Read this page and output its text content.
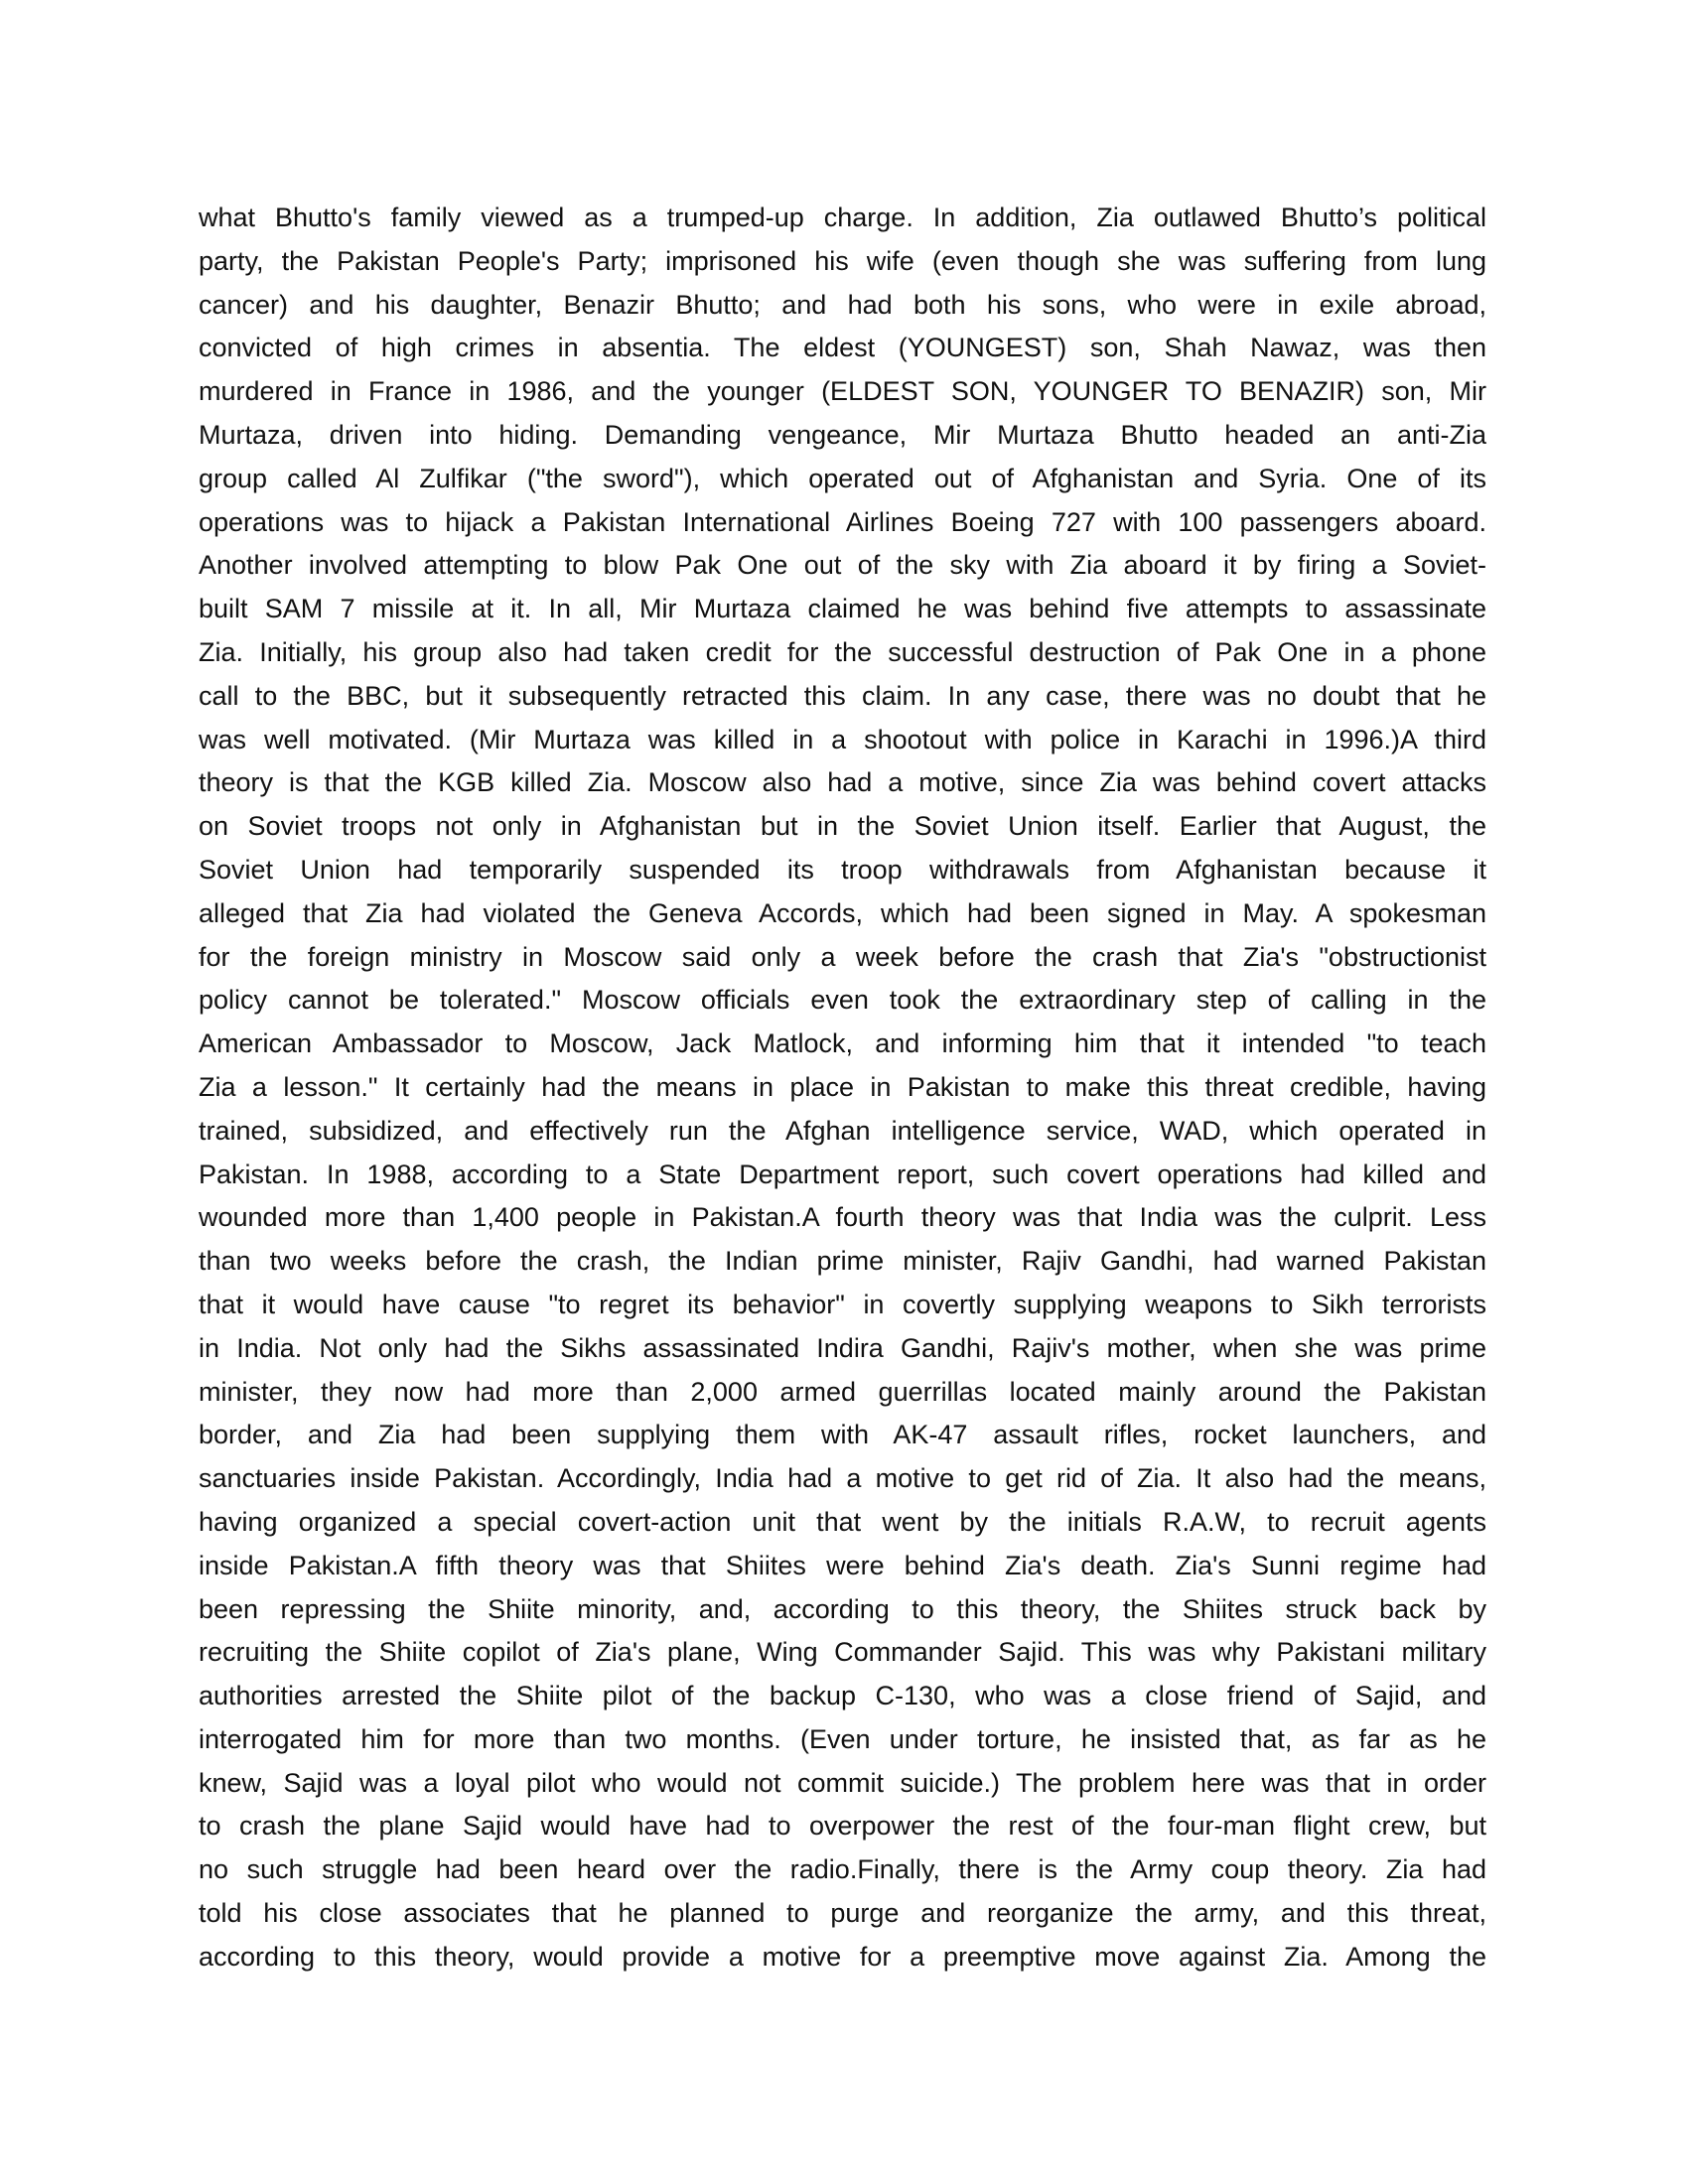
what Bhutto's family viewed as a trumped-up charge. In addition, Zia outlawed Bhutto’s political
party, the Pakistan People's Party; imprisoned his wife (even though she was suffering from lung
cancer) and his daughter, Benazir Bhutto; and had both his sons, who were in exile abroad,
convicted of high crimes in absentia. The eldest (YOUNGEST) son, Shah Nawaz, was then
murdered in France in 1986, and the younger (ELDEST SON, YOUNGER TO BENAZIR) son, Mir
Murtaza, driven into hiding. Demanding vengeance, Mir Murtaza Bhutto headed an anti-Zia
group called Al Zulfikar ("the sword"), which operated out of Afghanistan and Syria. One of its
operations was to hijack a Pakistan International Airlines Boeing 727 with 100 passengers aboard.
Another involved attempting to blow Pak One out of the sky with Zia aboard it by firing a Soviet-
built SAM 7 missile at it. In all, Mir Murtaza claimed he was behind five attempts to assassinate
Zia. Initially, his group also had taken credit for the successful destruction of Pak One in a phone
call to the BBC, but it subsequently retracted this claim. In any case, there was no doubt that he
was well motivated. (Mir Murtaza was killed in a shootout with police in Karachi in 1996.)A third
theory is that the KGB killed Zia. Moscow also had a motive, since Zia was behind covert attacks
on Soviet troops not only in Afghanistan but in the Soviet Union itself. Earlier that August, the
Soviet Union had temporarily suspended its troop withdrawals from Afghanistan because it
alleged that Zia had violated the Geneva Accords, which had been signed in May. A spokesman
for the foreign ministry in Moscow said only a week before the crash that Zia's "obstructionist
policy cannot be tolerated." Moscow officials even took the extraordinary step of calling in the
American Ambassador to Moscow, Jack Matlock, and informing him that it intended "to teach
Zia a lesson." It certainly had the means in place in Pakistan to make this threat credible, having
trained, subsidized, and effectively run the Afghan intelligence service, WAD, which operated in
Pakistan. In 1988, according to a State Department report, such covert operations had killed and
wounded more than 1,400 people in Pakistan.A fourth theory was that India was the culprit. Less
than two weeks before the crash, the Indian prime minister, Rajiv Gandhi, had warned Pakistan
that it would have cause "to regret its behavior" in covertly supplying weapons to Sikh terrorists
in India. Not only had the Sikhs assassinated Indira Gandhi, Rajiv's mother, when she was prime
minister, they now had more than 2,000 armed guerrillas located mainly around the Pakistan
border, and Zia had been supplying them with AK-47 assault rifles, rocket launchers, and
sanctuaries inside Pakistan. Accordingly, India had a motive to get rid of Zia. It also had the means,
having organized a special covert-action unit that went by the initials R.A.W, to recruit agents
inside Pakistan.A fifth theory was that Shiites were behind Zia's death. Zia's Sunni regime had
been repressing the Shiite minority, and, according to this theory, the Shiites struck back by
recruiting the Shiite copilot of Zia's plane, Wing Commander Sajid. This was why Pakistani military
authorities arrested the Shiite pilot of the backup C-130, who was a close friend of Sajid, and
interrogated him for more than two months. (Even under torture, he insisted that, as far as he
knew, Sajid was a loyal pilot who would not commit suicide.) The problem here was that in order
to crash the plane Sajid would have had to overpower the rest of the four-man flight crew, but
no such struggle had been heard over the radio.Finally, there is the Army coup theory. Zia had
told his close associates that he planned to purge and reorganize the army, and this threat,
according to this theory, would provide a motive for a preemptive move against Zia. Among the
